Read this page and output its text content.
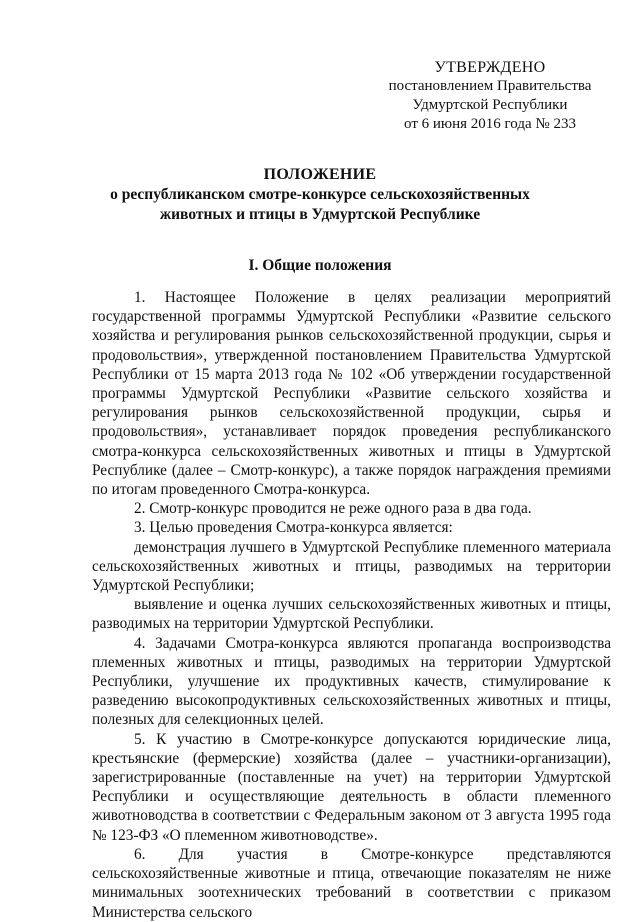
УТВЕРЖДЕНО
постановлением Правительства
Удмуртской Республики
от 6 июня 2016 года № 233
ПОЛОЖЕНИЕ
о республиканском смотре-конкурсе сельскохозяйственных животных и птицы в Удмуртской Республике
I. Общие положения

1. Настоящее Положение в целях реализации мероприятий государственной программы Удмуртской Республики «Развитие сельского хозяйства и регулирования рынков сельскохозяйственной продукции, сырья и продовольствия», утвержденной постановлением Правительства Удмуртской Республики от 15 марта 2013 года № 102 «Об утверждении государственной программы Удмуртской Республики «Развитие сельского хозяйства и регулирования рынков сельскохозяйственной продукции, сырья и продовольствия», устанавливает порядок проведения республиканского смотра-конкурса сельскохозяйственных животных и птицы в Удмуртской Республике (далее – Смотр-конкурс), а также порядок награждения премиями по итогам проведенного Смотра-конкурса.

2. Смотр-конкурс проводится не реже одного раза в два года.

3. Целью проведения Смотра-конкурса является:

демонстрация лучшего в Удмуртской Республике племенного материала сельскохозяйственных животных и птицы, разводимых на территории Удмуртской Республики;

выявление и оценка лучших сельскохозяйственных животных и птицы, разводимых на территории Удмуртской Республики.

4. Задачами Смотра-конкурса являются пропаганда воспроизводства племенных животных и птицы, разводимых на территории Удмуртской Республики, улучшение их продуктивных качеств, стимулирование к разведению высокопродуктивных сельскохозяйственных животных и птицы, полезных для селекционных целей.

5. К участию в Смотре-конкурсе допускаются юридические лица, крестьянские (фермерские) хозяйства (далее – участники-организации), зарегистрированные (поставленные на учет) на территории Удмуртской Республики и осуществляющие деятельность в области племенного животноводства в соответствии с Федеральным законом от 3 августа 1995 года № 123-ФЗ «О племенном животноводстве».

6. Для участия в Смотре-конкурсе представляются сельскохозяйственные животные и птица, отвечающие показателям не ниже минимальных зоотехнических требований в соответствии с приказом Министерства сельского
